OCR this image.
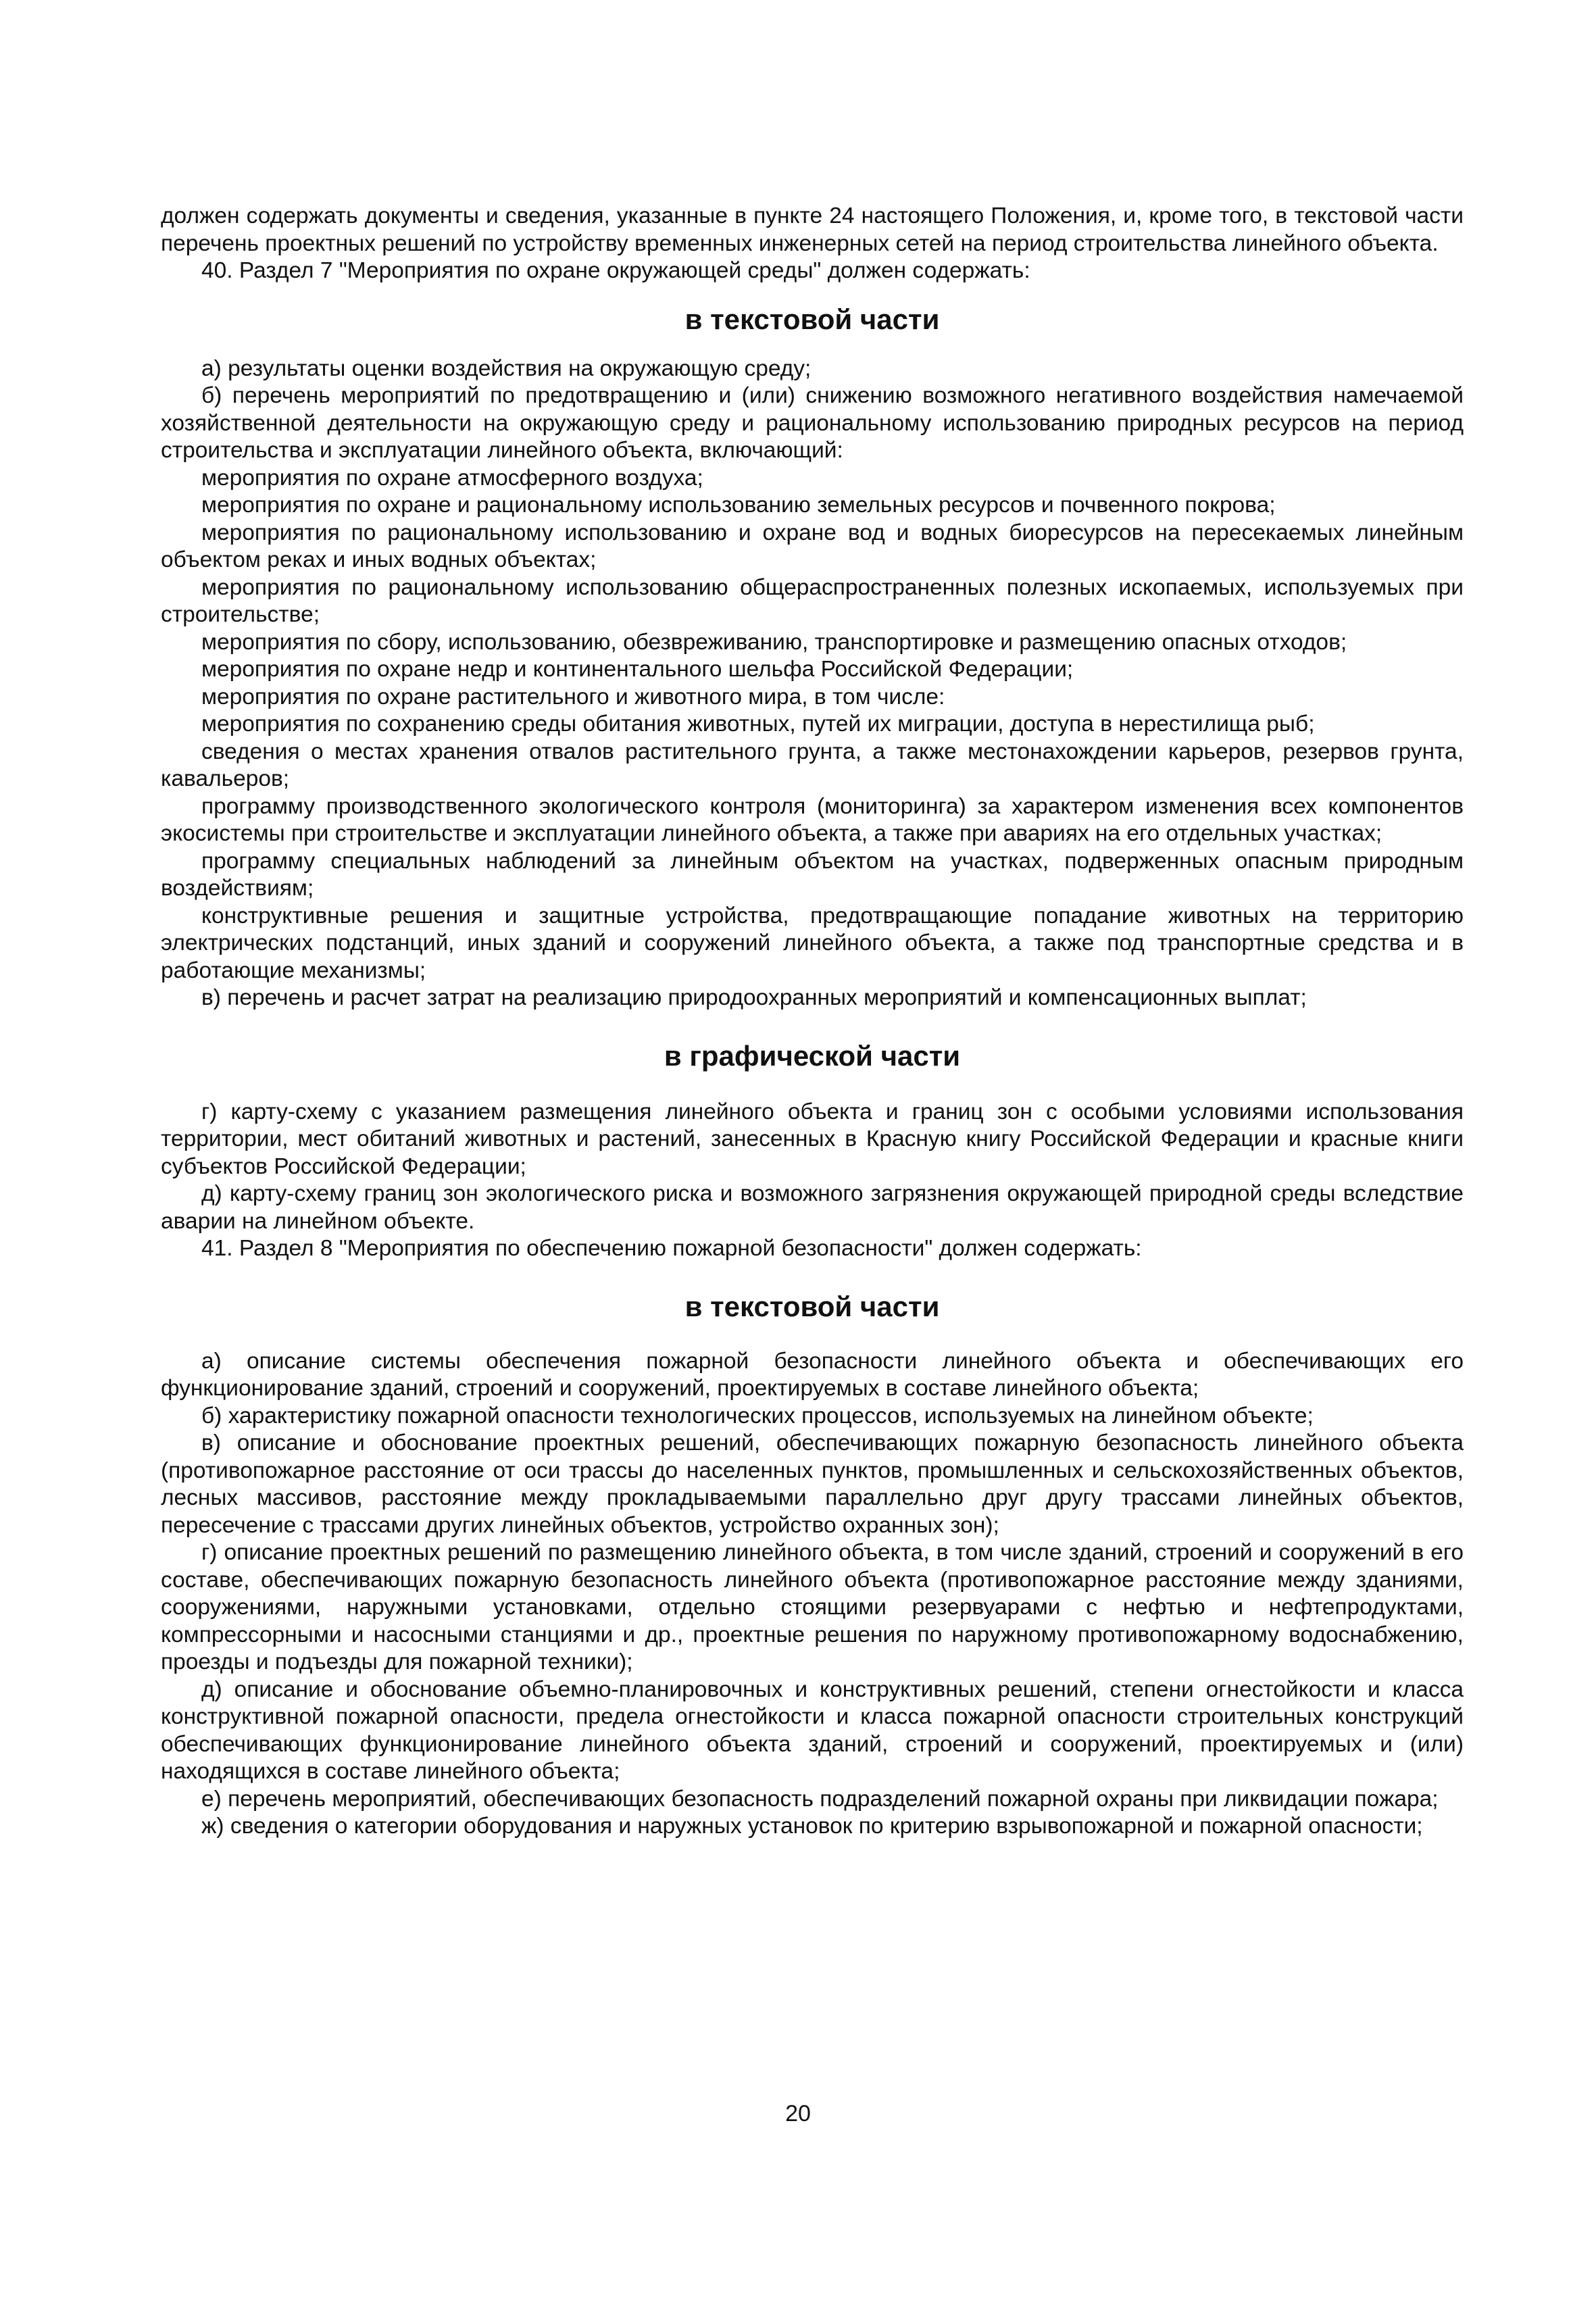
должен содержать документы и сведения, указанные в пункте 24 настоящего Положения, и, кроме того, в текстовой части перечень проектных решений по устройству временных инженерных сетей на период строительства линейного объекта.

40. Раздел 7 "Мероприятия по охране окружающей среды" должен содержать:

в текстовой части

а) результаты оценки воздействия на окружающую среду;

б) перечень мероприятий по предотвращению и (или) снижению возможного негативного воздействия намечаемой хозяйственной деятельности на окружающую среду и рациональному использованию природных ресурсов на период строительства и эксплуатации линейного объекта, включающий:

мероприятия по охране атмосферного воздуха;

мероприятия по охране и рациональному использованию земельных ресурсов и почвенного покрова;

мероприятия по рациональному использованию и охране вод и водных биоресурсов на пересекаемых линейным объектом реках и иных водных объектах;

мероприятия по рациональному использованию общераспространенных полезных ископаемых, используемых при строительстве;

мероприятия по сбору, использованию, обезвреживанию, транспортировке и размещению опасных отходов;

мероприятия по охране недр и континентального шельфа Российской Федерации;

мероприятия по охране растительного и животного мира, в том числе:

мероприятия по сохранению среды обитания животных, путей их миграции, доступа в нерестилища рыб;

сведения о местах хранения отвалов растительного грунта, а также местонахождении карьеров, резервов грунта, кавальеров;

программу производственного экологического контроля (мониторинга) за характером изменения всех компонентов экосистемы при строительстве и эксплуатации линейного объекта, а также при авариях на его отдельных участках;

программу специальных наблюдений за линейным объектом на участках, подверженных опасным природным воздействиям;

конструктивные решения и защитные устройства, предотвращающие попадание животных на территорию электрических подстанций, иных зданий и сооружений линейного объекта, а также под транспортные средства и в работающие механизмы;

в) перечень и расчет затрат на реализацию природоохранных мероприятий и компенсационных выплат;

в графической части

г) карту-схему с указанием размещения линейного объекта и границ зон с особыми условиями использования территории, мест обитаний животных и растений, занесенных в Красную книгу Российской Федерации и красные книги субъектов Российской Федерации;

д) карту-схему границ зон экологического риска и возможного загрязнения окружающей природной среды вследствие аварии на линейном объекте.

41. Раздел 8 "Мероприятия по обеспечению пожарной безопасности" должен содержать:

в текстовой части

а) описание системы обеспечения пожарной безопасности линейного объекта и обеспечивающих его функционирование зданий, строений и сооружений, проектируемых в составе линейного объекта;

б) характеристику пожарной опасности технологических процессов, используемых на линейном объекте;

в) описание и обоснование проектных решений, обеспечивающих пожарную безопасность линейного объекта (противопожарное расстояние от оси трассы до населенных пунктов, промышленных и сельскохозяйственных объектов, лесных массивов, расстояние между прокладываемыми параллельно друг другу трассами линейных объектов, пересечение с трассами других линейных объектов, устройство охранных зон);

г) описание проектных решений по размещению линейного объекта, в том числе зданий, строений и сооружений в его составе, обеспечивающих пожарную безопасность линейного объекта (противопожарное расстояние между зданиями, сооружениями, наружными установками, отдельно стоящими резервуарами с нефтью и нефтепродуктами, компрессорными и насосными станциями и др., проектные решения по наружному противопожарному водоснабжению, проезды и подъезды для пожарной техники);

д) описание и обоснование объемно-планировочных и конструктивных решений, степени огнестойкости и класса конструктивной пожарной опасности, предела огнестойкости и класса пожарной опасности строительных конструкций обеспечивающих функционирование линейного объекта зданий, строений и сооружений, проектируемых и (или) находящихся в составе линейного объекта;

е) перечень мероприятий, обеспечивающих безопасность подразделений пожарной охраны при ликвидации пожара;

ж) сведения о категории оборудования и наружных установок по критерию взрывопожарной и пожарной опасности;

20
